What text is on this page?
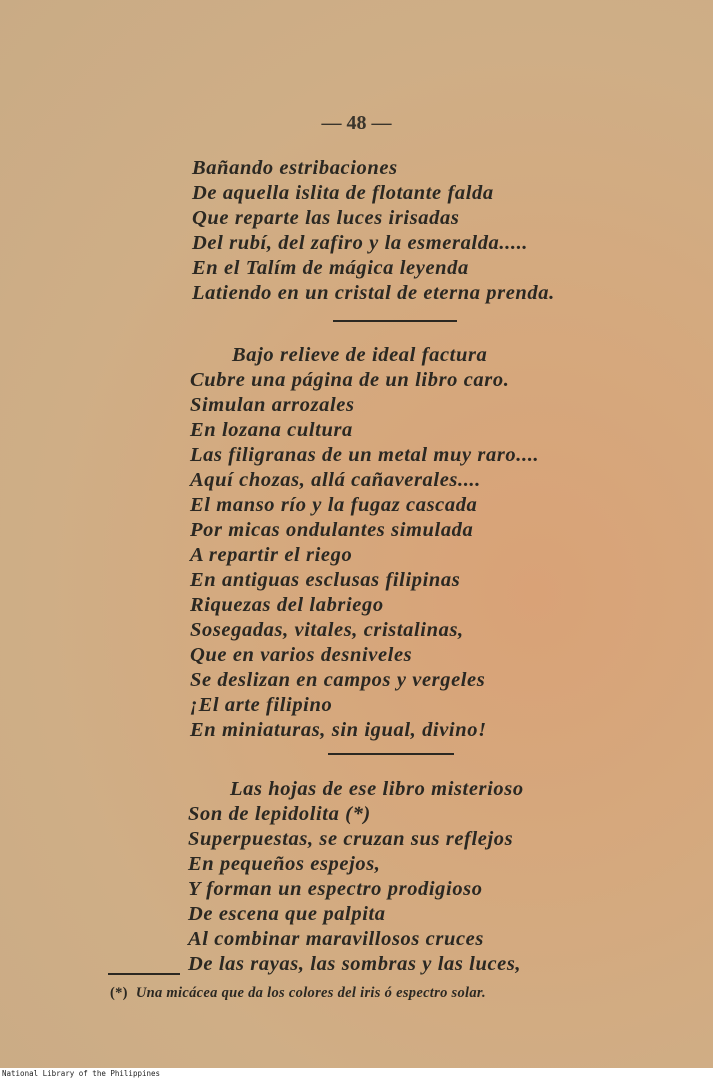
— 48 —
Bañando estribaciones
De aquella islita de flotante falda
Que reparte las luces irisadas
Del rubí, del zafiro y la esmeralda.....
En el Talím de mágica leyenda
Latiendo en un cristal de eterna prenda.
Bajo relieve de ideal factura
Cubre una página de un libro caro.
Simulan arrozales
En lozana cultura
Las filigranas de un metal muy raro....
Aquí chozas, allá cañaverales....
El manso río y la fugaz cascada
Por micas ondulantes simulada
A repartir el riego
En antiguas esclusas filipinas
Riquezas del labriego
Sosegadas, vitales, cristalinas,
Que en varios desniveles
Se deslizan en campos y vergeles
¡El arte filipino
En miniaturas, sin igual, divino!
Las hojas de ese libro misterioso
Son de lepidolita (*)
Superpuestas, se cruzan sus reflejos
En pequeños espejos,
Y forman un espectro prodigioso
De escena que palpita
Al combinar maravillosos cruces
De las rayas, las sombras y las luces,
(*) Una micácea que da los colores del iris ó espectro solar.
National Library of the Philippines
